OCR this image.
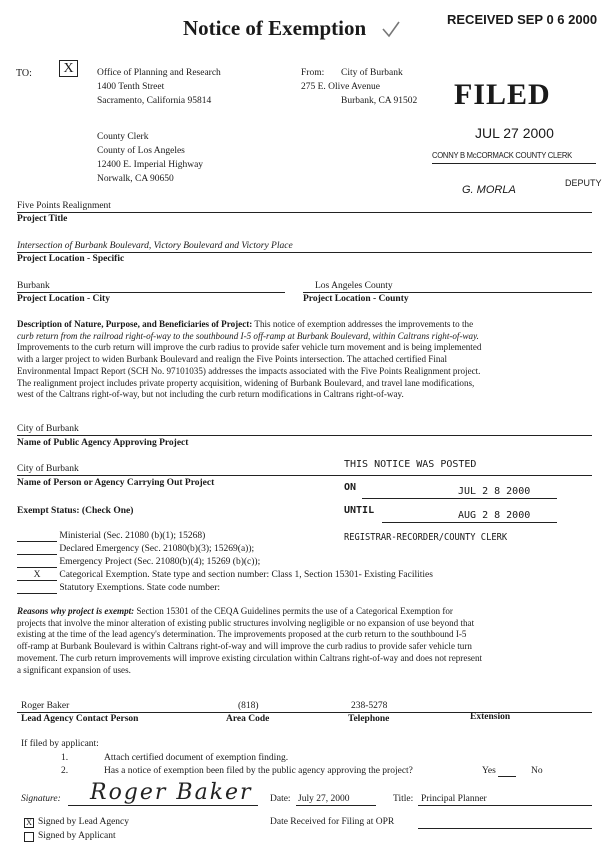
Notice of Exemption	RECEIVED SEP 0 6 2000
TO:	X	Office of Planning and Research
1400 Tenth Street
Sacramento, California 95814
County Clerk
County of Los Angeles
12400 E. Imperial Highway
Norwalk, CA 90650
From: City of Burbank
275 E. Olive Avenue
Burbank, CA 91502 FILED
JUL 27 2000
CONNY B McCORMACK COUNTY CLERK
G. MORLA
DEPUTY
Five Points Realignment
Project Title
Intersection of Burbank Boulevard, Victory Boulevard and Victory Place
Project Location - Specific
Burbank
Project Location - City
Los Angeles County
Project Location - County
Description of Nature, Purpose, and Beneficiaries of Project: This notice of exemption addresses the improvements to the
curb return from the railroad right-of-way to the southbound I-5 off-ramp at Burbank Boulevard, within Caltrans right-of-way.
Improvements to the curb return will improve the curb radius to provide safer vehicle turn movement and is being implemented
with a larger project to widen Burbank Boulevard and realign the Five Points intersection. The attached certified Final
Environmental Impact Report (SCH No. 97101035) addresses the impacts associated with the Five Points Realignment project.
The realignment project includes private property acquisition, widening of Burbank Boulevard, and travel lane modifications,
west of the Caltrans right-of-way, but not including the curb return modifications in Caltrans right-of-way.
City of Burbank
Name of Public Agency Approving Project
City of Burbank
Name of Person or Agency Carrying Out Project
THIS NOTICE WAS POSTED
ON	JUL 2 8 2000
UNTIL	AUG 2 8 2000
REGISTRAR-RECORDER/COUNTY CLERK
Exempt Status: (Check One)
Ministerial (Sec. 21080 (b)(1); 15268)
Declared Emergency (Sec. 21080(b)(3); 15269(a));
Emergency Project (Sec. 21080(b)(4); 15269 (b)(c));
X Categorical Exemption. State type and section number: Class 1, Section 15301- Existing Facilities
Statutory Exemptions. State code number:
Reasons why project is exempt: Section 15301 of the CEQA Guidelines permits the use of a Categorical Exemption for
projects that involve the minor alteration of existing public structures involving negligible or no expansion of use beyond that
existing at the time of the lead agency's determination. The improvements proposed at the curb return to the southbound I-5
off-ramp at Burbank Boulevard is within Caltrans right-of-way and will improve the curb radius to provide safer vehicle turn
movement. The curb return improvements will improve existing circulation within Caltrans right-of-way and does not represent
a significant expansion of uses.
Roger Baker	(818)	238-5278
Lead Agency Contact Person	Area Code	Telephone	Extension
If filed by applicant:
1.	Attach certified document of exemption finding.
2.	Has a notice of exemption been filed by the public agency approving the project?	Yes	No
Signature: Roger Baker Date: July 27, 2000	Title: Principal Planner
X Signed by Lead Agency
Signed by Applicant
Date Received for Filing at OPR
